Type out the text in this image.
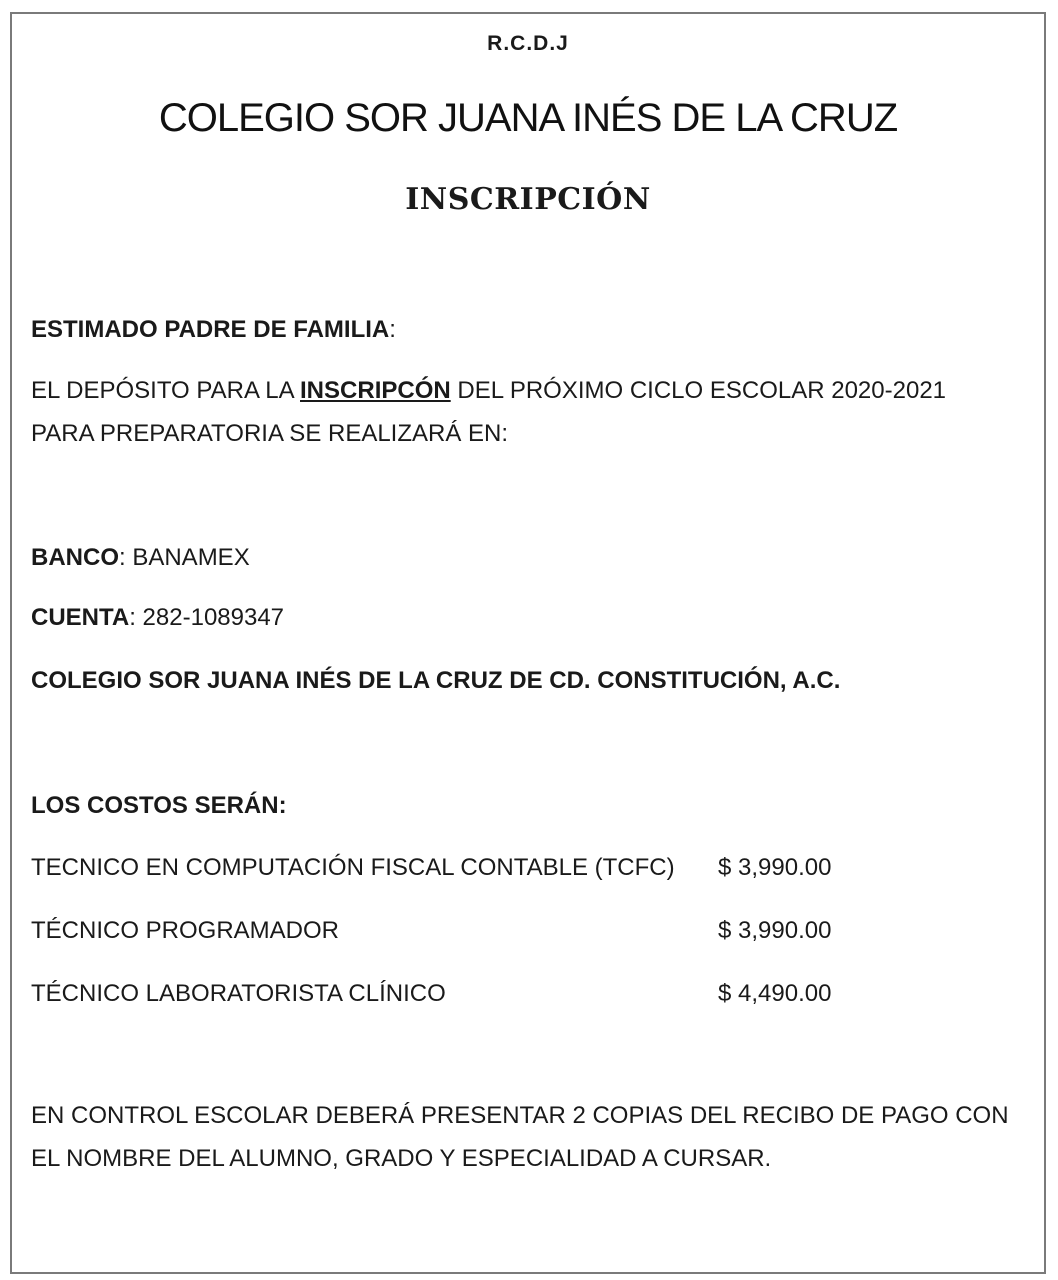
R.C.D.J
COLEGIO SOR JUANA INÉS DE LA CRUZ
INSCRIPCIÓN
ESTIMADO PADRE DE FAMILIA:
EL DEPÓSITO PARA LA INSCRIPCÓN DEL PRÓXIMO CICLO ESCOLAR 2020-2021
PARA PREPARATORIA SE REALIZARÁ EN:
BANCO: BANAMEX
CUENTA: 282-1089347
COLEGIO SOR JUANA INÉS DE LA CRUZ DE CD. CONSTITUCIÓN, A.C.
LOS COSTOS SERÁN:
TECNICO EN COMPUTACIÓN FISCAL CONTABLE (TCFC) $ 3,990.00
TÉCNICO PROGRAMADOR	$ 3,990.00
TÉCNICO LABORATORISTA CLÍNICO	$ 4,490.00
EN CONTROL ESCOLAR DEBERÁ PRESENTAR 2 COPIAS DEL RECIBO DE PAGO CON
EL NOMBRE DEL ALUMNO, GRADO Y ESPECIALIDAD A CURSAR.
